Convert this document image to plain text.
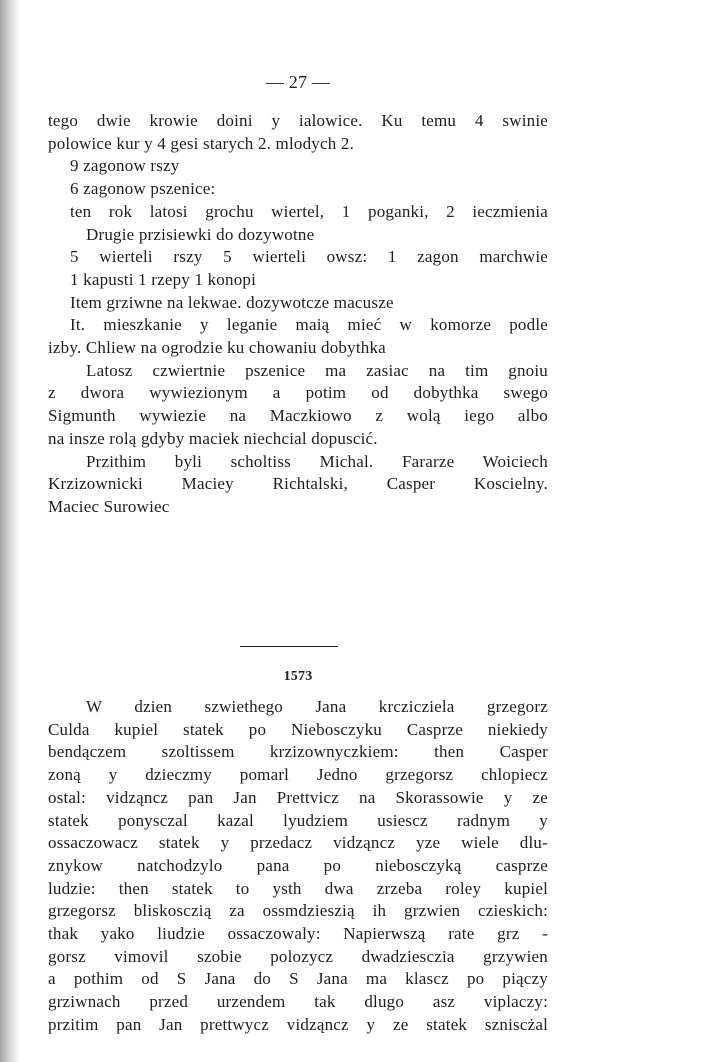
— 27 —
tego dwie krowie doini y ialowice. Ku temu 4 swinie
polowice kur y 4 gesi starych 2. mlodych 2.
9 zagonow rszy
6 zagonow pszenice:
ten rok latosi grochu wiertel, 1 poganki, 2 ieczmienia
Drugie przisiewki do dozywotne
5 wierteli rszy 5 wierteli owsz: 1 zagon marchwie
1 kapusti 1 rzepy 1 konopi
Item grziwne na lekwae. dozywotcze macusze
It. mieszkanie y leganie maią mieć w komorze podle
izby. Chliew na ogrodzie ku chowaniu dobythka
Latosz czwiertnie pszenice ma zasiac na tim gnoiu
z dwora wywiezionym a potim od dobythka swego
Sigmunth wywiezie na Maczkiowo z wolą iego albo
na insze rolą gdyby maciek niechcial dopuscić.
Przithim byli scholtiss Michal. Fararze Woiciech
Krzizownicki Maciey Richtalski, Casper Koscielny.
Maciec Surowiec
1573
W dzien szwiethego Jana krczicziela grzegorz
Culda kupiel statek po Niebosczyku Casprze niekiedy
bendączem szoltissem krzizownyczkiem: then Casper
zoną y dzieczmy pomarl Jedno grzegorsz chlopiecz
ostal: vidząncz pan Jan Prettvicz na Skorassowie y ze
statek ponysczal kazal lyudziem usiescz radnym y
ossaczowacz statek y przedacz vidząncz yze wiele dlu-
znykow natchodzylo pana po niebosczyką casprze
ludzie: then statek to ysth dwa zrzeba roley kupiel
grzegorsz bliskosczią za ossmdzieszią ih grzwien czieskich:
thak yako liudzie ossaczowaly: Napierwszą rate grz -
gorsz vimovil szobie polozycz dwadziesczia grzywien
a pothim od S Jana do S Jana ma klascz po piączy
grziwnach przed urzendem tak dlugo asz viplaczy:
przitim pan Jan prettwycz vidząncz y ze statek szniscżal
